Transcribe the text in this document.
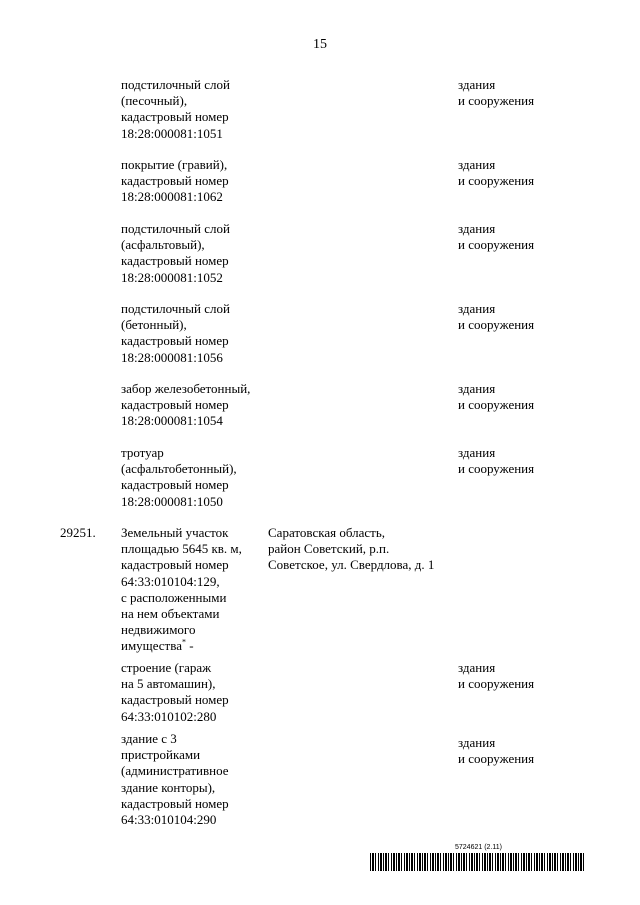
15
подстилочный слой
(песочный),
кадастровый номер
18:28:000081:1051
здания
и сооружения
покрытие (гравий),
кадастровый номер
18:28:000081:1062
здания
и сооружения
подстилочный слой
(асфальтовый),
кадастровый номер
18:28:000081:1052
здания
и сооружения
подстилочный слой
(бетонный),
кадастровый номер
18:28:000081:1056
здания
и сооружения
забор железобетонный,
кадастровый номер
18:28:000081:1054
здания
и сооружения
тротуар
(асфальтобетонный),
кадастровый номер
18:28:000081:1050
здания
и сооружения
29251. Земельный участок
площадью 5645 кв. м,
кадастровый номер
64:33:010104:129,
с расположенными
на нем объектами
недвижимого
имущества* -
Саратовская область,
район Советский, р.п.
Советское, ул. Свердлова, д. 1
строение (гараж
на 5 автомашин),
кадастровый номер
64:33:010102:280
здания
и сооружения
здание с 3
пристройками
(административное
здание конторы),
кадастровый номер
64:33:010104:290
здания
и сооружения
5724621 (2.11)
